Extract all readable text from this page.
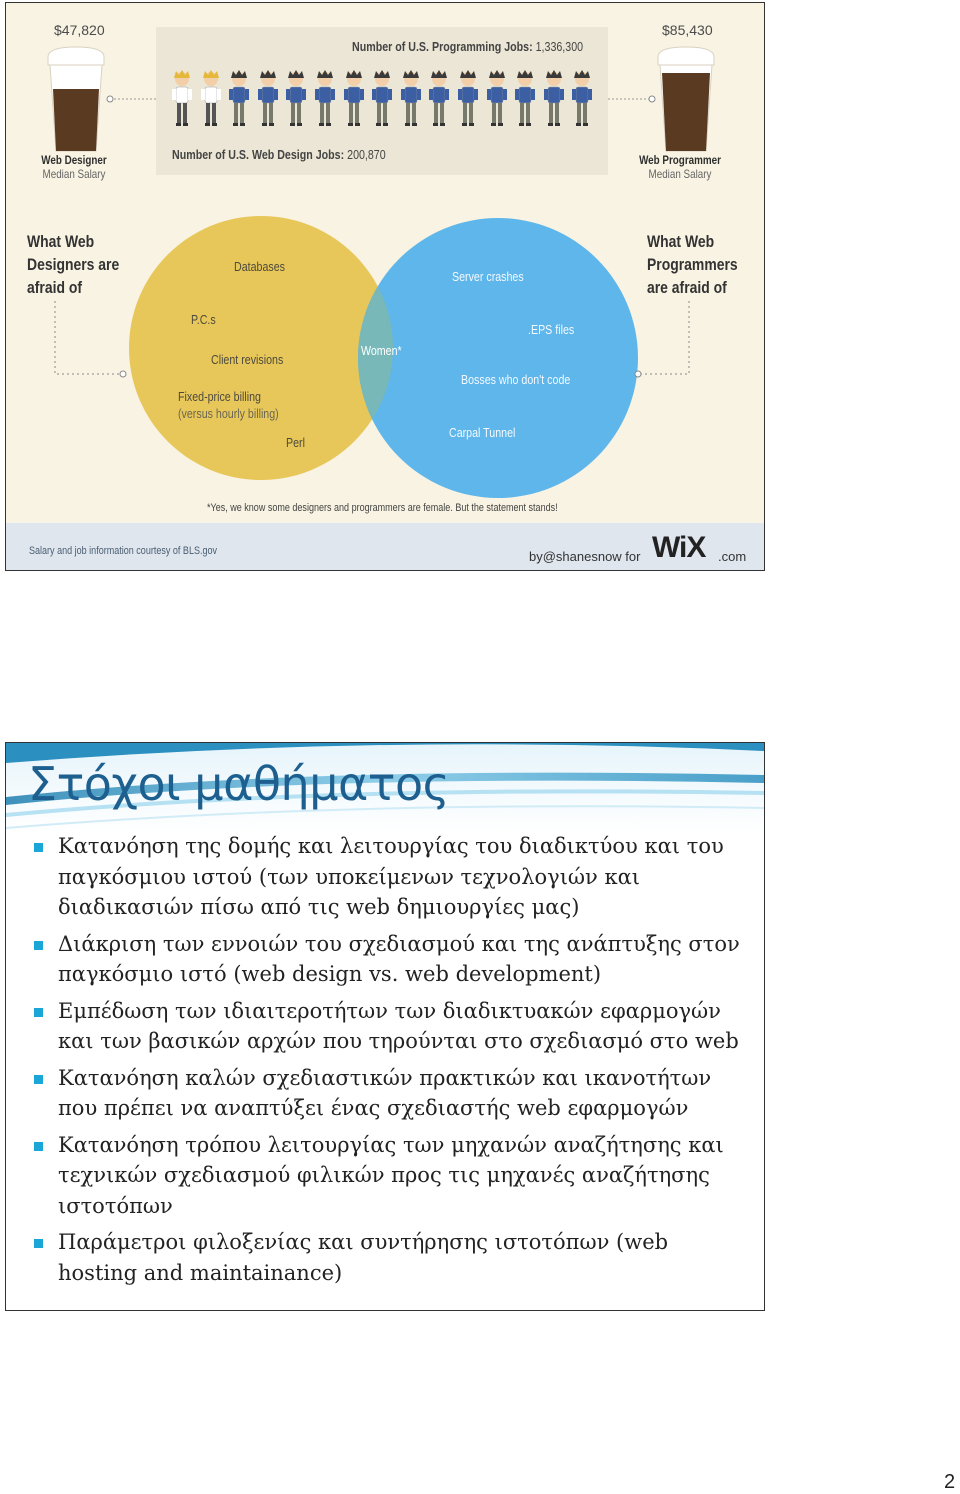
$47,820
Web Designer
Median Salary
$85,430
Web Programmer
Median Salary
Number of U.S. Programming Jobs: 1,336,300
Number of U.S. Web Design Jobs: 200,870
What Web
Designers are
afraid of
What Web
Programmers
are afraid of
Databases
P.C.s
Client revisions
Fixed-price billing
(versus hourly billing)
Perl
Women*
Server crashes
.EPS files
Bosses who don't code
Carpal Tunnel
*Yes, we know some designers and programmers are female. But the statement stands!
Salary and job information courtesy of BLS.gov	by@shanesnow for WiX .com
Στόχοι μαθήματος
Κατανόηση της δομής και λειτουργίας του διαδικτύου και του παγκόσμιου ιστού (των υποκείμενων τεχνολογιών και διαδικασιών πίσω από τις web δημιουργίες μας)
Διάκριση των εννοιών του σχεδιασμού και της ανάπτυξης στον παγκόσμιο ιστό (web design vs. web development)
Εμπέδωση των ιδιαιτεροτήτων των διαδικτυακών εφαρμογών και των βασικών αρχών που τηρούνται στο σχεδιασμό στο web
Κατανόηση καλών σχεδιαστικών πρακτικών και ικανοτήτων που πρέπει να αναπτύξει ένας σχεδιαστής web εφαρμογών
Κατανόηση τρόπου λειτουργίας των μηχανών αναζήτησης και τεχνικών σχεδιασμού φιλικών προς τις μηχανές αναζήτησης ιστοτόπων
Παράμετροι φιλοξενίας και συντήρησης ιστοτόπων (web hosting and maintainance)
2
